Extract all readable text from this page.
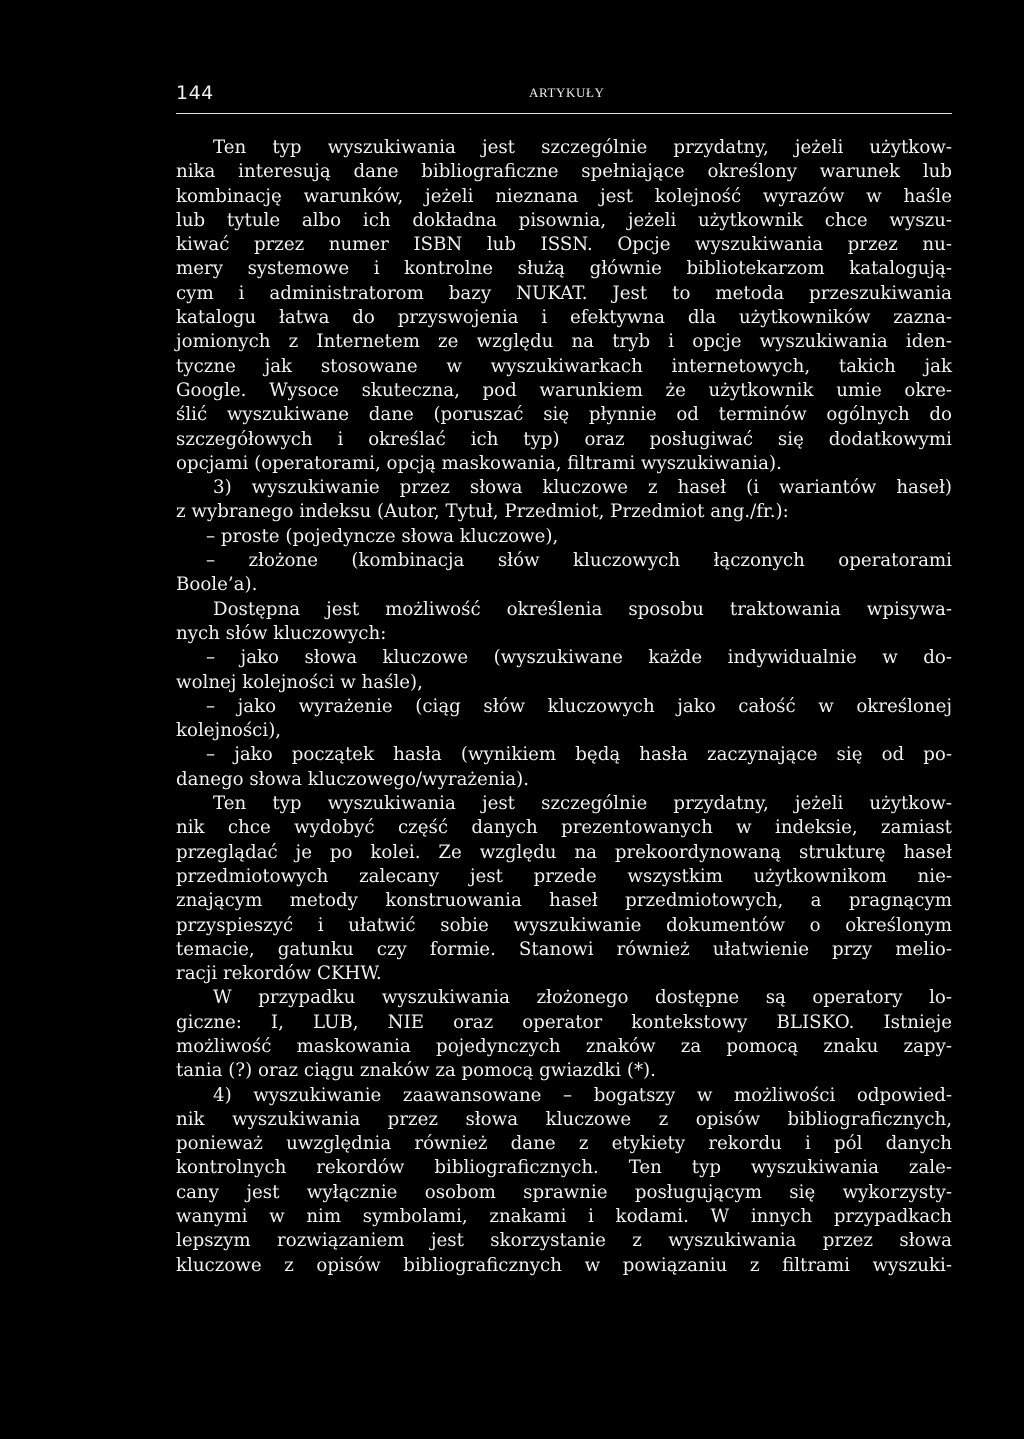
144	ARTYKUŁY
Ten typ wyszukiwania jest szczególnie przydatny, jeżeli użytkow-
nika interesują dane bibliograficzne spełniające określony warunek lub
kombinację warunków, jeżeli nieznana jest kolejność wyrazów w haśle
lub tytule albo ich dokładna pisownia, jeżeli użytkownik chce wyszu-
kiwać przez numer ISBN lub ISSN. Opcje wyszukiwania przez nu-
mery systemowe i kontrolne służą głównie bibliotekarzom katalogują-
cym i administratorom bazy NUKAT. Jest to metoda przeszukiwania
katalogu łatwa do przyswojenia i efektywna dla użytkowników zazna-
jomionych z Internetem ze względu na tryb i opcje wyszukiwania iden-
tyczne jak stosowane w wyszukiwarkach internetowych, takich jak
Google. Wysoce skuteczna, pod warunkiem że użytkownik umie okre-
ślić wyszukiwane dane (poruszać się płynnie od terminów ogólnych do
szczegółowych i określać ich typ) oraz posługiwać się dodatkowymi
opcjami (operatorami, opcją maskowania, filtrami wyszukiwania).
3) wyszukiwanie przez słowa kluczowe z haseł (i wariantów haseł)
z wybranego indeksu (Autor, Tytuł, Przedmiot, Przedmiot ang./fr.):
– proste (pojedyncze słowa kluczowe),
– złożone (kombinacja słów kluczowych łączonych operatorami
Boole’a).
Dostępna jest możliwość określenia sposobu traktowania wpisywa-
nych słów kluczowych:
– jako słowa kluczowe (wyszukiwane każde indywidualnie w do-
wolnej kolejności w haśle),
– jako wyrażenie (ciąg słów kluczowych jako całość w określonej
kolejności),
– jako początek hasła (wynikiem będą hasła zaczynające się od po-
danego słowa kluczowego/wyrażenia).
Ten typ wyszukiwania jest szczególnie przydatny, jeżeli użytkow-
nik chce wydobyć część danych prezentowanych w indeksie, zamiast
przeglądać je po kolei. Ze względu na prekoordynowaną strukturę haseł
przedmiotowych zalecany jest przede wszystkim użytkownikom nie-
znającym metody konstruowania haseł przedmiotowych, a pragnącym
przyspieszyć i ułatwić sobie wyszukiwanie dokumentów o określonym
temacie, gatunku czy formie. Stanowi również ułatwienie przy melio-
racji rekordów CKHW.
W przypadku wyszukiwania złożonego dostępne są operatory lo-
giczne: I, LUB, NIE oraz operator kontekstowy BLISKO. Istnieje
możliwość maskowania pojedynczych znaków za pomocą znaku zapy-
tania (?) oraz ciągu znaków za pomocą gwiazdki (*).
4) wyszukiwanie zaawansowane – bogatszy w możliwości odpowied-
nik wyszukiwania przez słowa kluczowe z opisów bibliograficznych,
ponieważ uwzględnia również dane z etykiety rekordu i pól danych
kontrolnych rekordów bibliograficznych. Ten typ wyszukiwania zale-
cany jest wyłącznie osobom sprawnie posługującym się wykorzysty-
wanymi w nim symbolami, znakami i kodami. W innych przypadkach
lepszym rozwiązaniem jest skorzystanie z wyszukiwania przez słowa
kluczowe z opisów bibliograficznych w powiązaniu z filtrami wyszuki-
